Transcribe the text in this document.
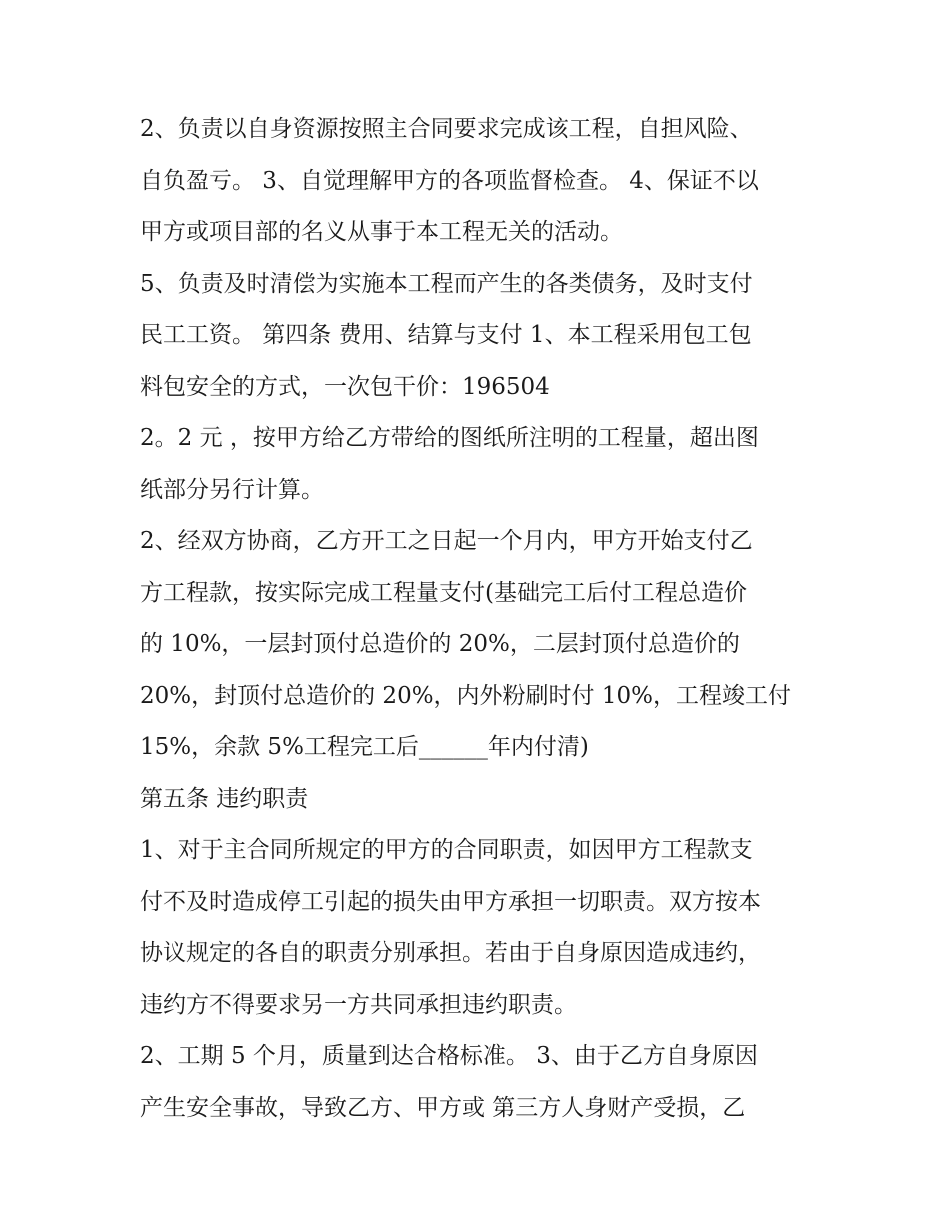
2、负责以自身资源按照主合同要求完成该工程，自担风险、
自负盈亏。 3、自觉理解甲方的各项监督检查。 4、保证不以
甲方或项目部的名义从事于本工程无关的活动。
5、负责及时清偿为实施本工程而产生的各类债务，及时支付
民工工资。 第四条 费用、结算与支付 1、本工程采用包工包
料包安全的方式，一次包干价：196504
2。2 元 ，按甲方给乙方带给的图纸所注明的工程量，超出图
纸部分另行计算。
2、经双方协商，乙方开工之日起一个月内，甲方开始支付乙
方工程款，按实际完成工程量支付(基础完工后付工程总造价
的 10%，一层封顶付总造价的 20%，二层封顶付总造价的
20%，封顶付总造价的 20%，内外粉刷时付 10%，工程竣工付
15%，余款 5%工程完工后______年内付清)
第五条 违约职责
1、对于主合同所规定的甲方的合同职责，如因甲方工程款支
付不及时造成停工引起的损失由甲方承担一切职责。双方按本
协议规定的各自的职责分别承担。若由于自身原因造成违约，
违约方不得要求另一方共同承担违约职责。
2、工期 5 个月，质量到达合格标准。 3、由于乙方自身原因
产生安全事故，导致乙方、甲方或 第三方人身财产受损，乙
